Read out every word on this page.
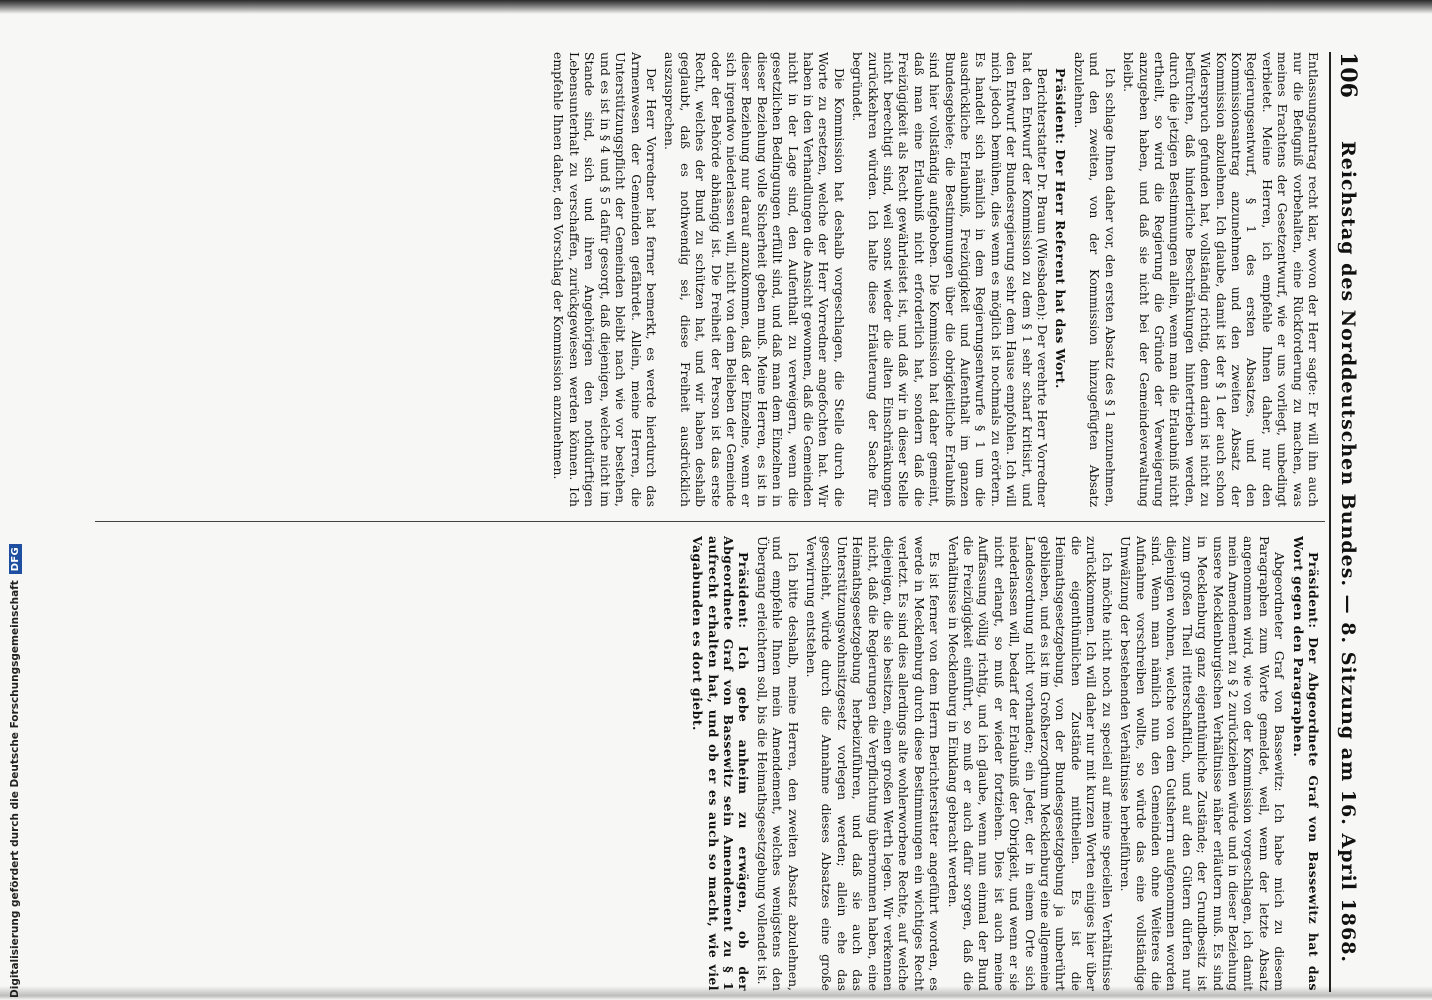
106
Reichstag des Norddeutschen Bundes. — 8. Sitzung am 16. April 1868.

Entlassungsantrag recht klar, wovon der Herr sagte: Er will ihn auch nur die Befugniß vorbehalten, eine Rückforderung zu machen, was meines Erachtens der Gesetzentwurf, wie er uns vorliegt, unbedingt verbietet. Meine Herren, ich empfehle Ihnen daher, nur den Regierungsentwurf, § 1 des ersten Absatzes, und den Kommissionsantrag anzunehmen und den zweiten Absatz der Kommission abzulehnen. Ich glaube, damit ist der § 1 der auch schon Widerspruch gefunden hat, vollständig richtig, denn darin ist nicht zu befürchten, daß hinderliche Beschränkungen hintertrieben werden, durch die jetzigen Bestimmungen allein, wenn man die Erlaubniß nicht ertheilt, so wird die Regierung die Gründe der Verweigerung anzugeben haben, und daß sie nicht bei der Gemeindeverwaltung bleibt.

Ich schlage Ihnen daher vor, den ersten Absatz des § 1 anzunehmen, und den zweiten, von der Kommission hinzugefügten Absatz abzulehnen.

Präsident: Der Herr Referent hat das Wort.

Berichterstatter Dr. Braun (Wiesbaden): Der verehrte Herr Vorredner hat den Entwurf der Kommission zu dem § 1 sehr scharf kritisirt, und den Entwurf der Bundesregierung sehr dem Hause empfohlen. Ich will mich jedoch bemühen, dies wenn es möglich ist nochmals zu erörtern. Es handelt sich nämlich in dem Regierungsentwurfe § 1 um die ausdrückliche Erlaubniß, Freizügigkeit und Aufenthalt im ganzen Bundesgebiete; die Bestimmungen über die obrigkeitliche Erlaubniß sind hier vollständig aufgehoben. Die Kommission hat daher gemeint, daß man eine Erlaubniß nicht erforderlich hat, sondern daß die Freizügigkeit als Recht gewährleistet ist, und daß wir in dieser Stelle nicht berechtigt sind, weil sonst wieder die alten Einschränkungen zurückkehren würden. Ich halte diese Erläuterung der Sache für begründet.

Die Kommission hat deshalb vorgeschlagen, die Stelle durch die Worte zu ersetzen, welche der Herr Vorredner angefochten hat. Wir haben in den Verhandlungen die Ansicht gewonnen, daß die Gemeinden nicht in der Lage sind, den Aufenthalt zu verweigern, wenn die gesetzlichen Bedingungen erfüllt sind, und daß man dem Einzelnen in dieser Beziehung volle Sicherheit geben muß. Meine Herren, es ist in dieser Beziehung nur darauf anzukommen, daß der Einzelne, wenn er sich irgendwo niederlassen will, nicht von dem Belieben der Gemeinde oder der Behörde abhängig ist. Die Freiheit der Person ist das erste Recht, welches der Bund zu schützen hat, und wir haben deshalb geglaubt, daß es nothwendig sei, diese Freiheit ausdrücklich auszusprechen.

Der Herr Vorredner hat ferner bemerkt, es werde hierdurch das Armenwesen der Gemeinden gefährdet. Allein, meine Herren, die Unterstützungspflicht der Gemeinden bleibt nach wie vor bestehen, und es ist in § 4 und § 5 dafür gesorgt, daß diejenigen, welche nicht im Stande sind, sich und ihren Angehörigen den nothdürftigen Lebensunterhalt zu verschaffen, zurückgewiesen werden können. Ich empfehle Ihnen daher, den Vorschlag der Kommission anzunehmen.

Präsident: Der Abgeordnete Graf von Bassewitz hat das Wort gegen den Paragraphen.

Abgeordneter Graf von Bassewitz: Ich habe mich zu diesem Paragraphen zum Worte gemeldet, weil, wenn der letzte Absatz angenommen wird, wie von der Kommission vorgeschlagen, ich damit mein Amendement zu § 2 zurückziehen würde und in dieser Beziehung unsere Mecklenburgischen Verhältnisse näher erläutern muß. Es sind in Mecklenburg ganz eigenthümliche Zustände; der Grundbesitz ist zum großen Theil ritterschaftlich, und auf den Gütern dürfen nur diejenigen wohnen, welche von dem Gutsherrn aufgenommen worden sind. Wenn man nämlich nun den Gemeinden ohne Weiteres die Aufnahme vorschreiben wollte, so würde das eine vollständige Umwälzung der bestehenden Verhältnisse herbeiführen.

Ich möchte nicht noch zu speciell auf meine speciellen Verhältnisse zurückkommen. Ich will daher nur mit kurzen Worten einiges hier über die eigenthümlichen Zustände mittheilen. Es ist die Heimathsgesetzgebung, von der Bundesgesetzgebung ja unberührt geblieben, und es ist im Großherzogthum Mecklenburg eine allgemeine Landesordnung nicht vorhanden; ein Jeder, der in einem Orte sich niederlassen will, bedarf der Erlaubniß der Obrigkeit, und wenn er sie nicht erlangt, so muß er wieder fortziehen. Dies ist auch meine Auffassung völlig richtig, und ich glaube, wenn nun einmal der Bund die Freizügigkeit einführt, so muß er auch dafür sorgen, daß die Verhältnisse in Mecklenburg in Einklang gebracht werden.

Es ist ferner von dem Herrn Berichterstatter angeführt worden, es werde in Mecklenburg durch diese Bestimmungen ein wichtiges Recht verletzt. Es sind dies allerdings alte wohlerworbene Rechte, auf welche diejenigen, die sie besitzen, einen großen Werth legen. Wir verkennen nicht, daß die Regierungen die Verpflichtung übernommen haben, eine Heimathsgesetzgebung herbeizuführen, und daß sie auch das Unterstützungswohnsitzgesetz vorlegen werden; allein ehe das geschieht, würde durch die Annahme dieses Absatzes eine große Verwirrung entstehen.

Ich bitte deshalb, meine Herren, den zweiten Absatz abzulehnen, und empfehle Ihnen mein Amendement, welches wenigstens den Übergang erleichtern soll, bis die Heimathsgesetzgebung vollendet ist.

Präsident: Ich gebe anheim zu erwägen, ob der Abgeordnete Graf von Bassewitz sein Amendement zu § 1 aufrecht erhalten hat, und ob er es auch so macht, wie viel Vagabunden es dort giebt.

Digitalisierung gefördert durch die Deutsche Forschungsgemeinschaft
DFG
